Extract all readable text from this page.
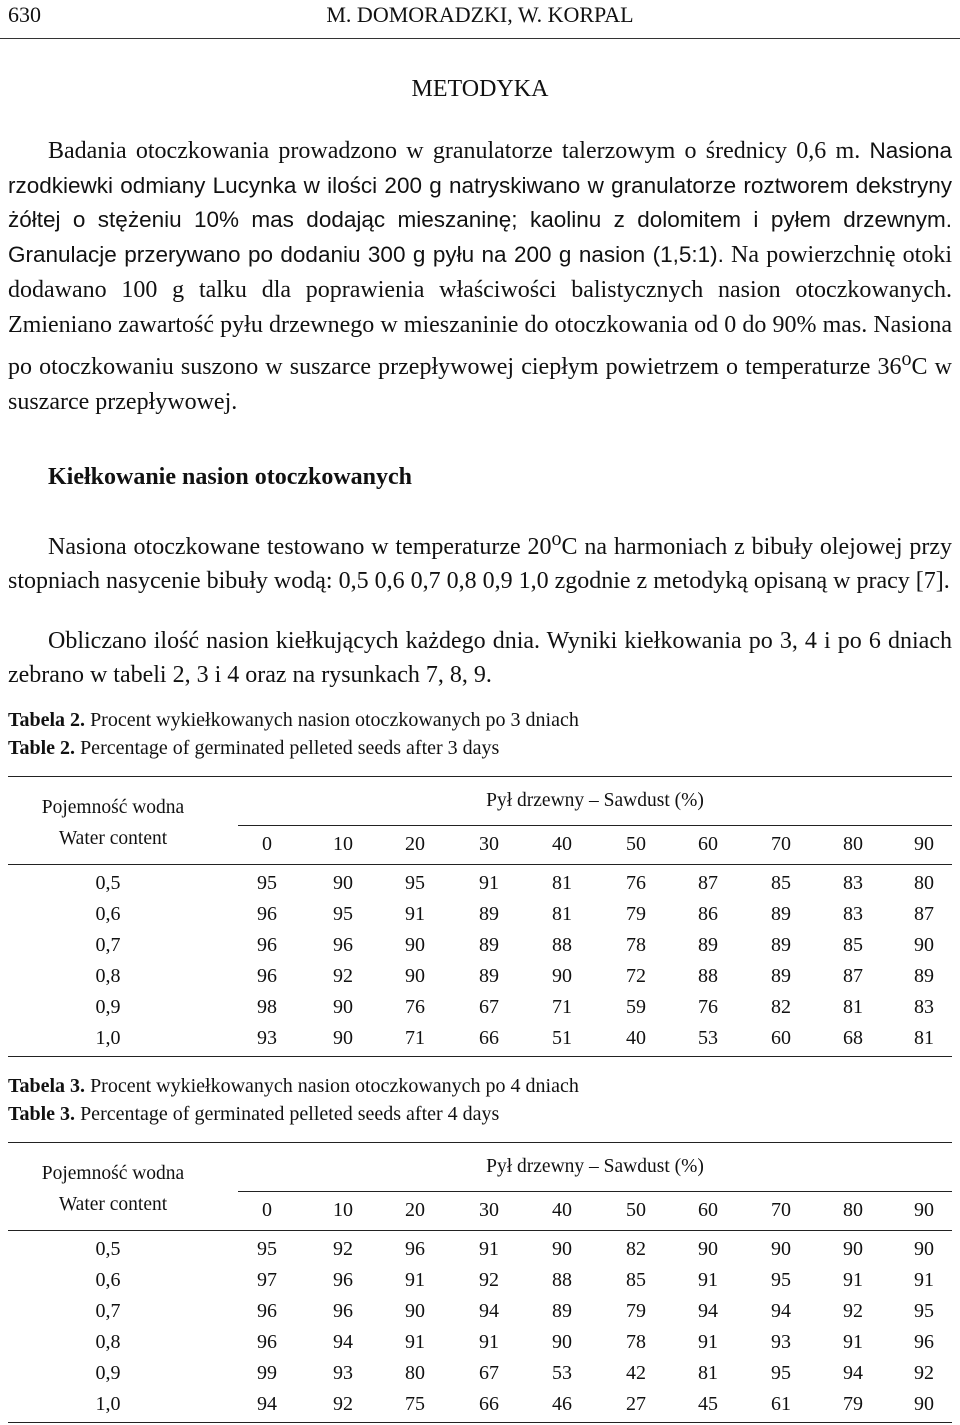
630	M. DOMORADZKI, W. KORPAL
METODYKA

Badania otoczkowania prowadzono w granulatorze talerzowym o średnicy 0,6 m. Nasiona rzodkiewki odmiany Lucynka w ilości 200 g natryskiwano w granulatorze roztworem dekstryny żółtej o stężeniu 10% mas dodając mieszaninę; kaolinu z dolomitem i pyłem drzewnym. Granulacje przerywano po dodaniu 300 g pyłu na 200 g nasion (1,5:1). Na powierzchnię otoki dodawano 100 g talku dla poprawienia właściwości balistycznych nasion otoczkowanych. Zmieniano zawartość pyłu drzewnego w mieszaninie do otoczkowania od 0 do 90% mas. Nasiona po otoczkowaniu suszono w suszarce przepływowej ciepłym powietrzem o temperaturze 36$^o$C w suszarce przepływowej.

Kiełkowanie nasion otoczkowanych

Nasiona otoczkowane testowano w temperaturze 20$^o$C na harmoniach z bibuły olejowej przy stopniach nasycenie bibuły wodą: 0,5 0,6 0,7 0,8 0,9 1,0 zgodnie z metodyką opisaną w pracy [7].

Obliczano ilość nasion kiełkujących każdego dnia. Wyniki kiełkowania po 3, 4 i po 6 dniach zebrano w tabeli 2, 3 i 4 oraz na rysunkach 7, 8, 9.

Tabela 2. Procent wykiełkowanych nasion otoczkowanych po 3 dniach
Table 2. Percentage of germinated pelleted seeds after 3 days
Pojemność wodna
Water content
Pył drzewny – Sawdust (%)
0	10	20	30	40	50	60	70	80	90
0,5	95	90	95	91	81	76	87	85	83	80
0,6	96	95	91	89	81	79	86	89	83	87
0,7	96	96	90	89	88	78	89	89	85	90
0,8	96	92	90	89	90	72	88	89	87	89
0,9	98	90	76	67	71	59	76	82	81	83
1,0	93	90	71	66	51	40	53	60	68	81
Tabela 3. Procent wykiełkowanych nasion otoczkowanych po 4 dniach
Table 3. Percentage of germinated pelleted seeds after 4 days
Pojemność wodna
Water content
Pył drzewny – Sawdust (%)
0	10	20	30	40	50	60	70	80	90
0,5	95	92	96	91	90	82	90	90	90	90
0,6	97	96	91	92	88	85	91	95	91	91
0,7	96	96	90	94	89	79	94	94	92	95
0,8	96	94	91	91	90	78	91	93	91	96
0,9	99	93	80	67	53	42	81	95	94	92
1,0	94	92	75	66	46	27	45	61	79	90
